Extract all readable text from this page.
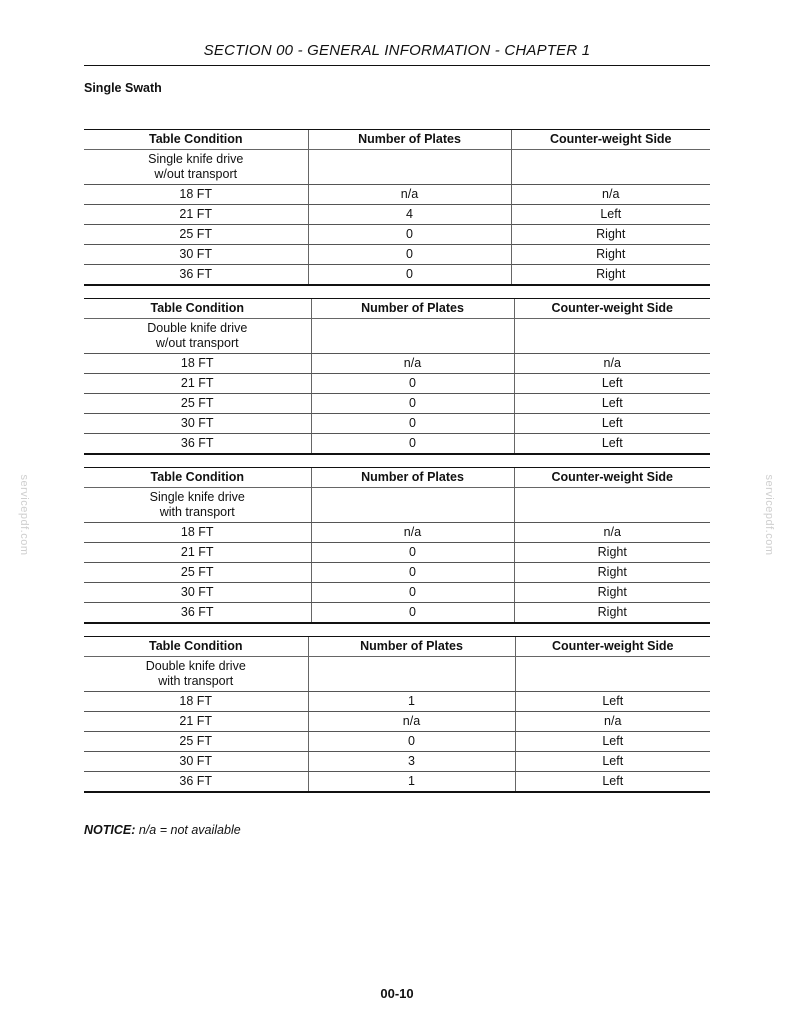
SECTION 00 - GENERAL INFORMATION - CHAPTER 1
Single Swath
Table Condition	Number of Plates	Counter-weight Side
Single knife drive w/out transport		
18 FT	n/a	n/a
21 FT	4	Left
25 FT	0	Right
30 FT	0	Right
36 FT	0	Right
Table Condition	Number of Plates	Counter-weight Side
Double knife drive w/out transport		
18 FT	n/a	n/a
21 FT	0	Left
25 FT	0	Left
30 FT	0	Left
36 FT	0	Left
Table Condition	Number of Plates	Counter-weight Side
Single knife drive with transport		
18 FT	n/a	n/a
21 FT	0	Right
25 FT	0	Right
30 FT	0	Right
36 FT	0	Right
Table Condition	Number of Plates	Counter-weight Side
Double knife drive with transport		
18 FT	1	Left
21 FT	n/a	n/a
25 FT	0	Left
30 FT	3	Left
36 FT	1	Left
NOTICE: n/a = not available
00-10
servicepdf.com	servicepdf.com
